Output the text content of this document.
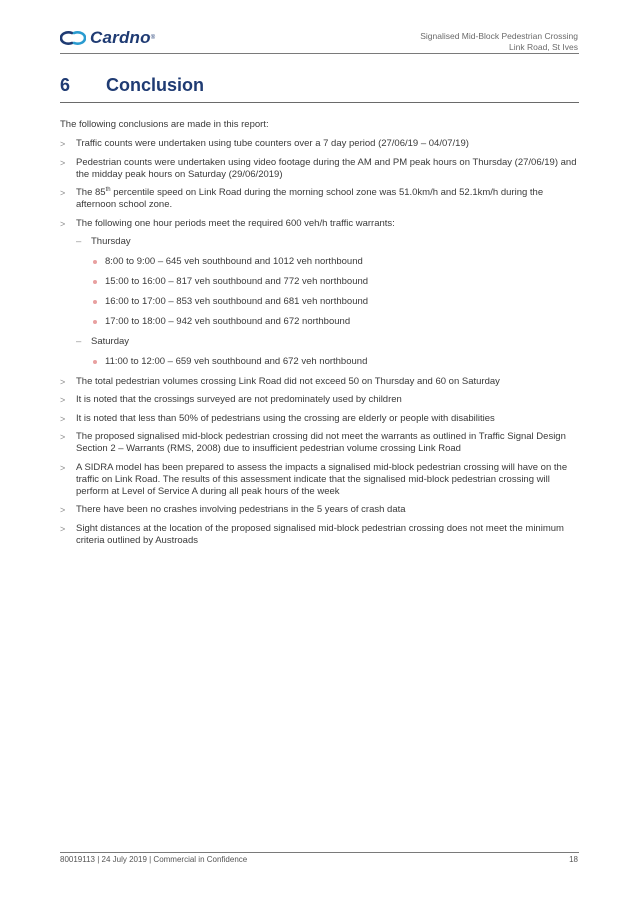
Cardno ®	Signalised Mid-Block Pedestrian Crossing
Link Road, St Ives
6	Conclusion

The following conclusions are made in this report:

> Traffic counts were undertaken using tube counters over a 7 day period (27/06/19 – 04/07/19)
> Pedestrian counts were undertaken using video footage during the AM and PM peak hours on Thursday (27/06/19) and the midday peak hours on Saturday (29/06/2019)
> The 85th percentile speed on Link Road during the morning school zone was 51.0km/h and 52.1km/h during the afternoon school zone.
> The following one hour periods meet the required 600 veh/h traffic warrants:
– Thursday
8:00 to 9:00 – 645 veh southbound and 1012 veh northbound
15:00 to 16:00 – 817 veh southbound and 772 veh northbound
16:00 to 17:00 – 853 veh southbound and 681 veh northbound
17:00 to 18:00 – 942 veh southbound and 672 northbound
– Saturday
11:00 to 12:00 – 659 veh southbound and 672 veh northbound
> The total pedestrian volumes crossing Link Road did not exceed 50 on Thursday and 60 on Saturday
> It is noted that the crossings surveyed are not predominately used by children
> It is noted that less than 50% of pedestrians using the crossing are elderly or people with disabilities
> The proposed signalised mid-block pedestrian crossing did not meet the warrants as outlined in Traffic Signal Design Section 2 – Warrants (RMS, 2008) due to insufficient pedestrian volume crossing Link Road
> A SIDRA model has been prepared to assess the impacts a signalised mid-block pedestrian crossing will have on the traffic on Link Road. The results of this assessment indicate that the signalised mid-block pedestrian crossing will perform at Level of Service A during all peak hours of the week
> There have been no crashes involving pedestrians in the 5 years of crash data
> Sight distances at the location of the proposed signalised mid-block pedestrian crossing does not meet the minimum criteria outlined by Austroads
80019113 | 24 July 2019 | Commercial in Confidence	18
